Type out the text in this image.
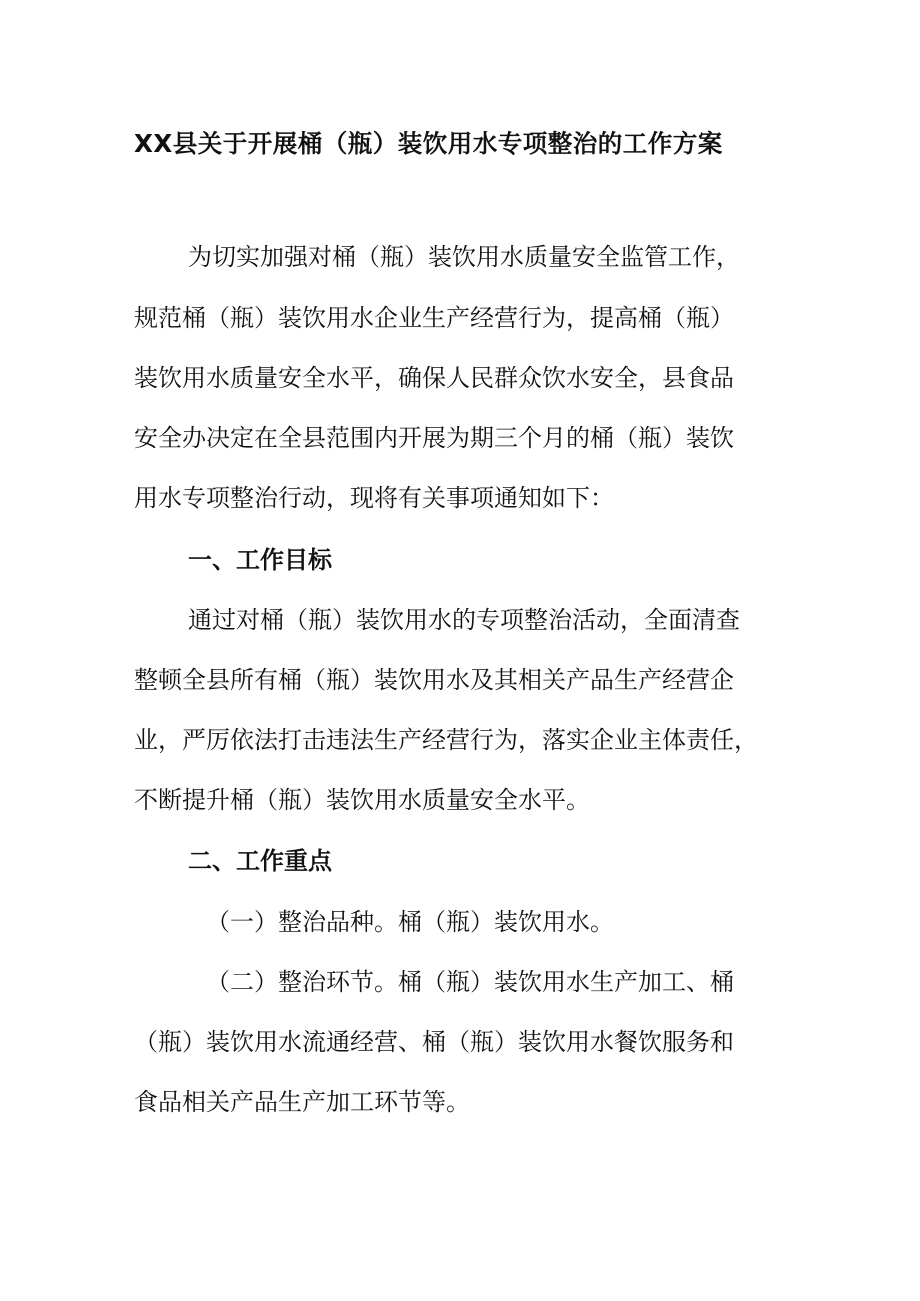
XX县关于开展桶（瓶）装饮用水专项整治的工作方案
为切实加强对桶（瓶）装饮用水质量安全监管工作，
规范桶（瓶）装饮用水企业生产经营行为，提高桶（瓶）
装饮用水质量安全水平，确保人民群众饮水安全，县食品
安全办决定在全县范围内开展为期三个月的桶（瓶）装饮
用水专项整治行动，现将有关事项通知如下：
一、工作目标
通过对桶（瓶）装饮用水的专项整治活动，全面清查
整顿全县所有桶（瓶）装饮用水及其相关产品生产经营企
业，严厉依法打击违法生产经营行为，落实企业主体责任，
不断提升桶（瓶）装饮用水质量安全水平。
二、工作重点
（一）整治品种。桶（瓶）装饮用水。
（二）整治环节。桶（瓶）装饮用水生产加工、桶
（瓶）装饮用水流通经营、桶（瓶）装饮用水餐饮服务和
食品相关产品生产加工环节等。
